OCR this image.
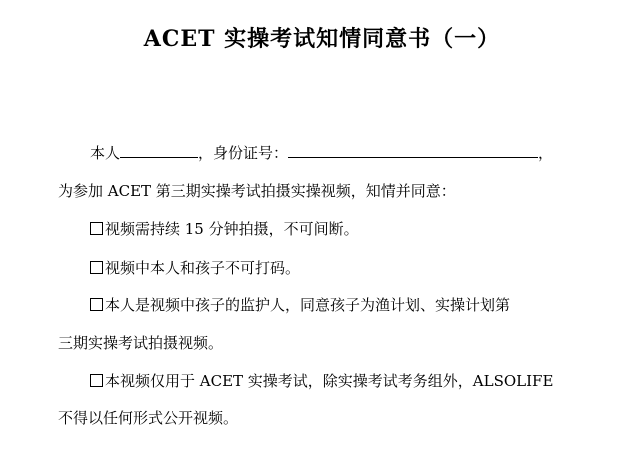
ACET 实操考试知情同意书（一）
本人	，身份证号：	，
为参加 ACET 第三期实操考试拍摄实操视频，知情并同意：
视频需持续 15 分钟拍摄，不可间断。
视频中本人和孩子不可打码。
本人是视频中孩子的监护人，同意孩子为渔计划、实操计划第
三期实操考试拍摄视频。
本视频仅用于 ACET 实操考试，除实操考试考务组外，ALSOLIFE
不得以任何形式公开视频。
